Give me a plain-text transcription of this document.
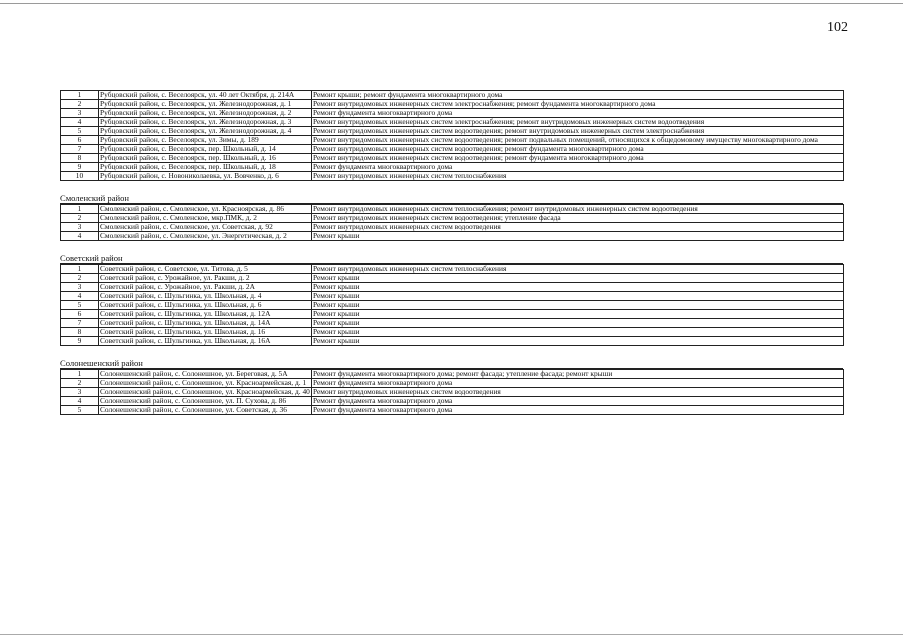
102
1	Рубцовский район, с. Веселоярск, ул. 40 лет Октября, д. 214А	Ремонт крыши; ремонт фундамента многоквартирного дома
2	Рубцовский район, с. Веселоярск, ул. Железнодорожная, д. 1	Ремонт внутридомовых инженерных систем электроснабжения; ремонт фундамента многоквартирного дома
3	Рубцовский район, с. Веселоярск, ул. Железнодорожная, д. 2	Ремонт фундамента многоквартирного дома
4	Рубцовский район, с. Веселоярск, ул. Железнодорожная, д. 3	Ремонт внутридомовых инженерных систем электроснабжения; ремонт внутридомовых инженерных систем водоотведения
5	Рубцовский район, с. Веселоярск, ул. Железнодорожная, д. 4	Ремонт внутридомовых инженерных систем водоотведения; ремонт внутридомовых инженерных систем электроснабжения
6	Рубцовский район, с. Веселоярск, ул. Зимы, д. 189	Ремонт внутридомовых инженерных систем водоотведения; ремонт подвальных помещений, относящихся к общедомовому имуществу многоквартирного дома
7	Рубцовский район, с. Веселоярск, пер. Школьный, д. 14	Ремонт внутридомовых инженерных систем водоотведения; ремонт фундамента многоквартирного дома
8	Рубцовский район, с. Веселоярск, пер. Школьный, д. 16	Ремонт внутридомовых инженерных систем водоотведения; ремонт фундамента многоквартирного дома
9	Рубцовский район, с. Веселоярск, пер. Школьный, д. 18	Ремонт фундамента многоквартирного дома
10	Рубцовский район, с. Новониколаевка, ул. Вовченко, д. 6	Ремонт внутридомовых инженерных систем теплоснабжения
Смоленский район
1	Смоленский район, с. Смоленское, ул. Красноярская, д. 86	Ремонт внутридомовых инженерных систем теплоснабжения; ремонт внутридомовых инженерных систем водоотведения
2	Смоленский район, с. Смоленское, мкр.ПМК, д. 2	Ремонт внутридомовых инженерных систем водоотведения; утепление фасада
3	Смоленский район, с. Смоленское, ул. Советская, д. 92	Ремонт внутридомовых инженерных систем водоотведения
4	Смоленский район, с. Смоленское, ул. Энергетическая, д. 2	Ремонт крыши
Советский район
1	Советский район, с. Советское, ул. Титова, д. 5	Ремонт внутридомовых инженерных систем теплоснабжения
2	Советский район, с. Урожайное, ул. Ракши, д. 2	Ремонт крыши
3	Советский район, с. Урожайное, ул. Ракши, д. 2А	Ремонт крыши
4	Советский район, с. Шульгинка, ул. Школьная, д. 4	Ремонт крыши
5	Советский район, с. Шульгинка, ул. Школьная, д. 6	Ремонт крыши
6	Советский район, с. Шульгинка, ул. Школьная, д. 12А	Ремонт крыши
7	Советский район, с. Шульгинка, ул. Школьная, д. 14А	Ремонт крыши
8	Советский район, с. Шульгинка, ул. Школьная, д. 16	Ремонт крыши
9	Советский район, с. Шульгинка, ул. Школьная, д. 16А	Ремонт крыши
Солонешенский район
1	Солонешенский район, с. Солонешное, ул. Береговая, д. 5А	Ремонт фундамента многоквартирного дома; ремонт фасада; утепление фасада; ремонт крыши
2	Солонешенский район, с. Солонешное, ул. Красноармейская, д. 1	Ремонт фундамента многоквартирного дома
3	Солонешенский район, с. Солонешное, ул. Красноармейская, д. 40	Ремонт внутридомовых инженерных систем водоотведения
4	Солонешенский район, с. Солонешное, ул. П. Сухова, д. 86	Ремонт фундамента многоквартирного дома
5	Солонешенский район, с. Солонешное, ул. Советская, д. 36	Ремонт фундамента многоквартирного дома
